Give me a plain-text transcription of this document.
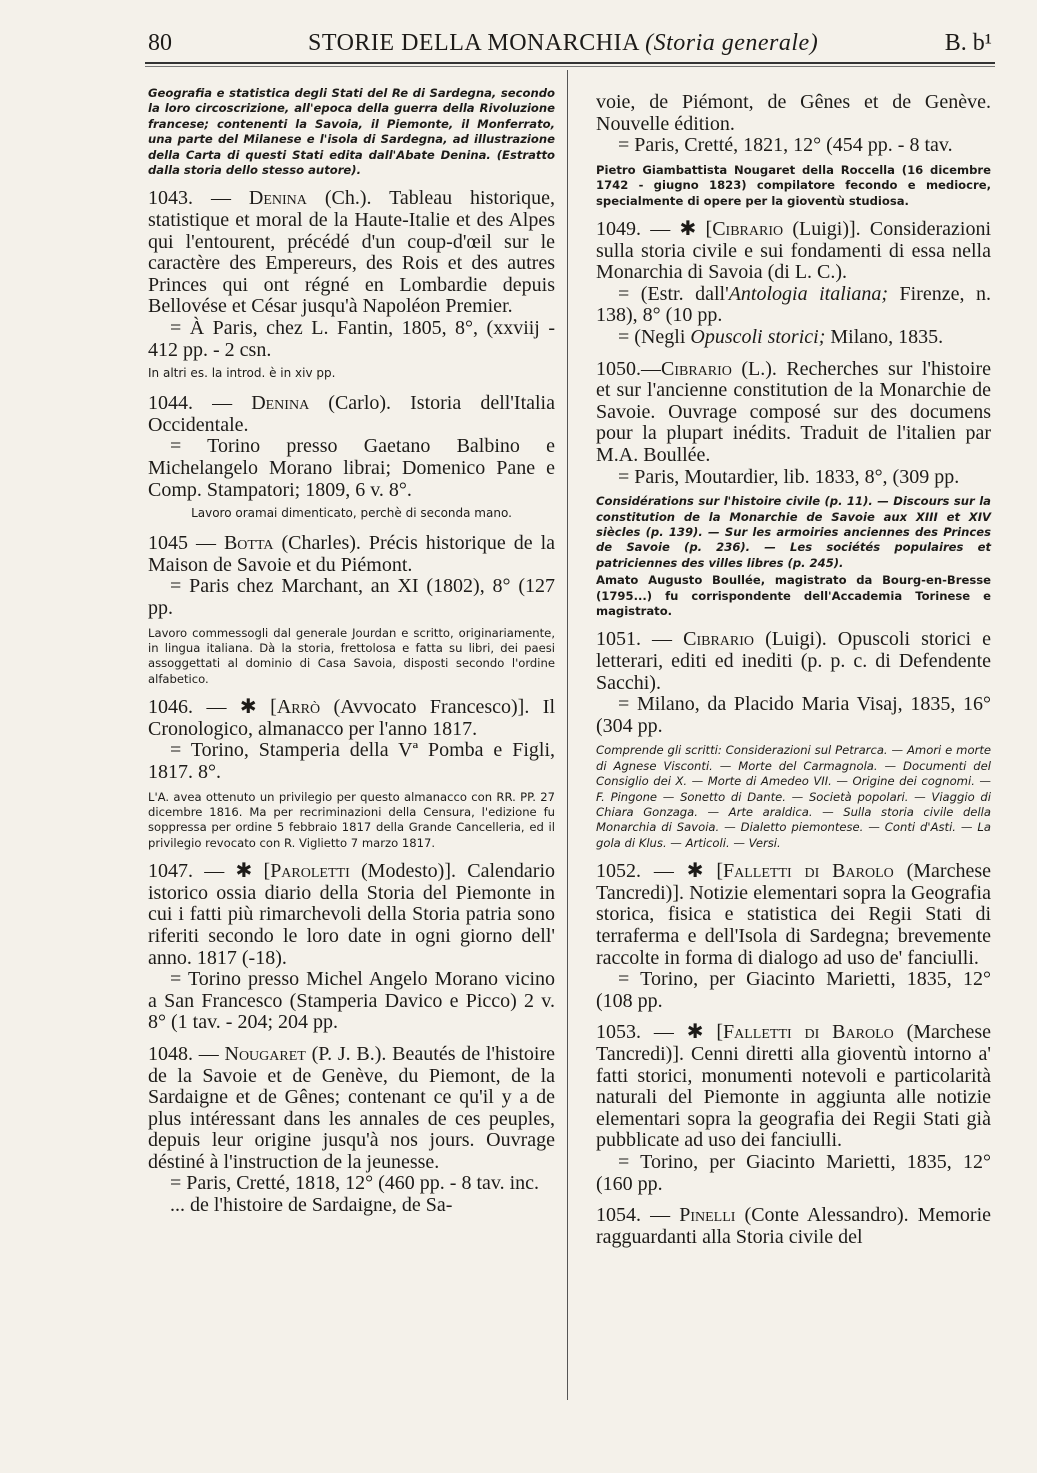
80	STORIE DELLA MONARCHIA (Storia generale)	B. b¹
Geografia e statistica degli Stati del Re di Sardegna, secondo la loro circoscrizione, all'epoca della guerra della Rivoluzione francese; contenenti la Savoia, il Piemonte, il Monferrato, una parte del Milanese e l'isola di Sardegna, ad illustrazione della Carta di questi Stati edita dall'Abate Denina. (Estratto dalla storia dello stesso autore).

1043. — Denina (Ch.). Tableau historique, statistique et moral de la Haute-Italie et des Alpes qui l'entourent, précédé d'un coup-d'œil sur le caractère des Empereurs, des Rois et des autres Princes qui ont régné en Lombardie depuis Bellovése et César jusqu'à Napoléon Premier.

= À Paris, chez L. Fantin, 1805, 8°, (xxviij - 412 pp. - 2 csn.

In altri es. la introd. è in xiv pp.

1044. — Denina (Carlo). Istoria dell'Italia Occidentale.

= Torino presso Gaetano Balbino e Michelangelo Morano librai; Domenico Pane e Comp. Stampatori; 1809, 6 v. 8°.

Lavoro oramai dimenticato, perchè di seconda mano.

1045 — Botta (Charles). Précis historique de la Maison de Savoie et du Piémont.

= Paris chez Marchant, an XI (1802), 8° (127 pp.

Lavoro commessogli dal generale Jourdan e scritto, originariamente, in lingua italiana. Dà la storia, frettolosa e fatta su libri, dei paesi assoggettati al dominio di Casa Savoia, disposti secondo l'ordine alfabetico.

1046. — ✱ [Arrò (Avvocato Francesco)]. Il Cronologico, almanacco per l'anno 1817.

= Torino, Stamperia della Vª Pomba e Figli, 1817. 8°.

L'A. avea ottenuto un privilegio per questo almanacco con RR. PP. 27 dicembre 1816. Ma per recriminazioni della Censura, l'edizione fu soppressa per ordine 5 febbraio 1817 della Grande Cancelleria, ed il privilegio revocato con R. Viglietto 7 marzo 1817.

1047. — ✱ [Paroletti (Modesto)]. Calendario istorico ossia diario della Storia del Piemonte in cui i fatti più rimarchevoli della Storia patria sono riferiti secondo le loro date in ogni giorno dell' anno. 1817 (-18).

= Torino presso Michel Angelo Morano vicino a San Francesco (Stamperia Davico e Picco) 2 v. 8° (1 tav. - 204; 204 pp.

1048. — Nougaret (P. J. B.). Beautés de l'histoire de la Savoie et de Genève, du Piemont, de la Sardaigne et de Gênes; contenant ce qu'il y a de plus intéressant dans les annales de ces peuples, depuis leur origine jusqu'à nos jours. Ouvrage déstiné à l'instruction de la jeunesse.

= Paris, Cretté, 1818, 12° (460 pp. - 8 tav. inc.

... de l'histoire de Sardaigne, de Sa-

voie, de Piémont, de Gênes et de Genève. Nouvelle édition.

= Paris, Cretté, 1821, 12° (454 pp. - 8 tav.

Pietro Giambattista Nougaret della Roccella (16 dicembre 1742 - giugno 1823) compilatore fecondo e mediocre, specialmente di opere per la gioventù studiosa.

1049. — ✱ [Cibrario (Luigi)]. Considerazioni sulla storia civile e sui fondamenti di essa nella Monarchia di Savoia (di L. C.).

= (Estr. dall'Antologia italiana; Firenze, n. 138), 8° (10 pp.

= (Negli Opuscoli storici; Milano, 1835.

1050.—Cibrario (L.). Recherches sur l'histoire et sur l'ancienne constitution de la Monarchie de Savoie. Ouvrage composé sur des documens pour la plupart inédits. Traduit de l'italien par M.A. Boullée.

= Paris, Moutardier, lib. 1833, 8°, (309 pp.

Considérations sur l'histoire civile (p. 11). — Discours sur la constitution de la Monarchie de Savoie aux XIII et XIV siècles (p. 139). — Sur les armoiries anciennes des Princes de Savoie (p. 236). — Les sociétés populaires et patriciennes des villes libres (p. 245).
Amato Augusto Boullée, magistrato da Bourg-en-Bresse (1795...) fu corrispondente dell'Accademia Torinese e magistrato.

1051. — Cibrario (Luigi). Opuscoli storici e letterari, editi ed inediti (p. p. c. di Defendente Sacchi).

= Milano, da Placido Maria Visaj, 1835, 16° (304 pp.

Comprende gli scritti: Considerazioni sul Petrarca. — Amori e morte di Agnese Visconti. — Morte del Carmagnola. — Documenti del Consiglio dei X. — Morte di Amedeo VII. — Origine dei cognomi. — F. Pingone — Sonetto di Dante. — Società popolari. — Viaggio di Chiara Gonzaga. — Arte araldica. — Sulla storia civile della Monarchia di Savoia. — Dialetto piemontese. — Conti d'Asti. — La gola di Klus. — Articoli. — Versi.

1052. — ✱ [Falletti di Barolo (Marchese Tancredi)]. Notizie elementari sopra la Geografia storica, fisica e statistica dei Regii Stati di terraferma e dell'Isola di Sardegna; brevemente raccolte in forma di dialogo ad uso de' fanciulli.

= Torino, per Giacinto Marietti, 1835, 12° (108 pp.

1053. — ✱ [Falletti di Barolo (Marchese Tancredi)]. Cenni diretti alla gioventù intorno a' fatti storici, monumenti notevoli e particolarità naturali del Piemonte in aggiunta alle notizie elementari sopra la geografia dei Regii Stati già pubblicate ad uso dei fanciulli.

= Torino, per Giacinto Marietti, 1835, 12° (160 pp.

1054. — Pinelli (Conte Alessandro). Memorie ragguardanti alla Storia civile del
